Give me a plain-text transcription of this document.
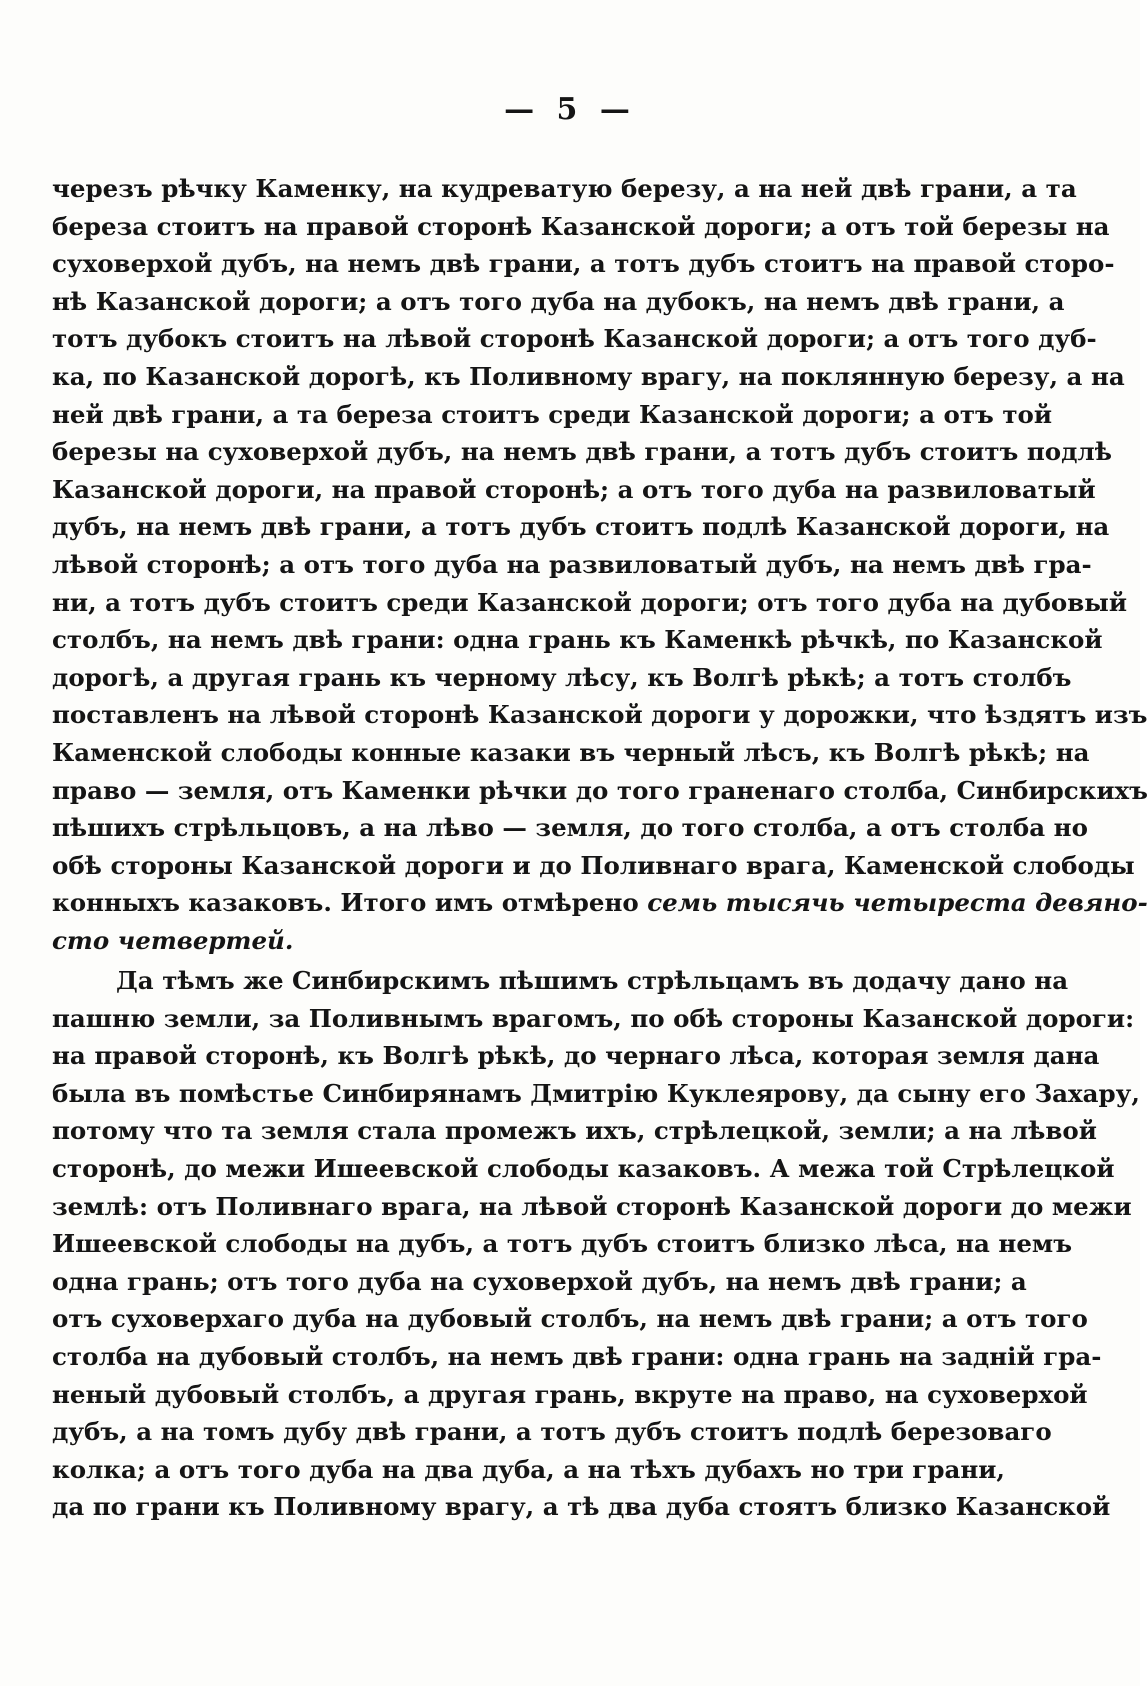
— 5 —
черезъ рѣчку Каменку, на кудреватую березу, а на ней двѣ грани, а та
береза стоитъ на правой сторонѣ Казанской дороги; а отъ той березы на
суховерхой дубъ, на немъ двѣ грани, а тотъ дубъ стоитъ на правой сторо-
нѣ Казанской дороги; а отъ того дуба на дубокъ, на немъ двѣ грани, а
тотъ дубокъ стоитъ на лѣвой сторонѣ Казанской дороги; а отъ того дуб-
ка, по Казанской дорогѣ, къ Поливному врагу, на поклянную березу, а на
ней двѣ грани, а та береза стоитъ среди Казанской дороги; а отъ той
березы на суховерхой дубъ, на немъ двѣ грани, а тотъ дубъ стоитъ подлѣ
Казанской дороги, на правой сторонѣ; а отъ того дуба на развиловатый
дубъ, на немъ двѣ грани, а тотъ дубъ стоитъ подлѣ Казанской дороги, на
лѣвой сторонѣ; а отъ того дуба на развиловатый дубъ, на немъ двѣ гра-
ни, а тотъ дубъ стоитъ среди Казанской дороги; отъ того дуба на дубовый
столбъ, на немъ двѣ грани: одна грань къ Каменкѣ рѣчкѣ, по Казанской
дорогѣ, а другая грань къ черному лѣсу, къ Волгѣ рѣкѣ; а тотъ столбъ
поставленъ на лѣвой сторонѣ Казанской дороги у дорожки, что ѣздятъ изъ
Каменской слободы конные казаки въ черный лѣсъ, къ Волгѣ рѣкѣ; на
право — земля, отъ Каменки рѣчки до того граненаго столба, Синбирскихъ
пѣшихъ стрѣльцовъ, а на лѣво — земля, до того столба, а отъ столба но
обѣ стороны Казанской дороги и до Поливнаго врага, Каменской слободы
конныхъ казаковъ. Итого имъ отмѣрено семь тысячь четыреста девяно-
сто четвертей.
Да тѣмъ же Синбирскимъ пѣшимъ стрѣльцамъ въ додачу дано на
пашню земли, за Поливнымъ врагомъ, по обѣ стороны Казанской дороги:
на правой сторонѣ, къ Волгѣ рѣкѣ, до чернаго лѣса, которая земля дана
была въ помѣстье Синбирянамъ Дмитрію Куклеярову, да сыну его Захару,
потому что та земля стала промежъ ихъ, стрѣлецкой, земли; а на лѣвой
сторонѣ, до межи Ишеевской слободы казаковъ. А межа той Стрѣлецкой
землѣ: отъ Поливнаго врага, на лѣвой сторонѣ Казанской дороги до межи
Ишеевской слободы на дубъ, а тотъ дубъ стоитъ близко лѣса, на немъ
одна грань; отъ того дуба на суховерхой дубъ, на немъ двѣ грани; а
отъ суховерхаго дуба на дубовый столбъ, на немъ двѣ грани; а отъ того
столба на дубовый столбъ, на немъ двѣ грани: одна грань на задній гра-
неный дубовый столбъ, а другая грань, вкруте на право, на суховерхой
дубъ, а на томъ дубу двѣ грани, а тотъ дубъ стоитъ подлѣ березоваго
колка; а отъ того дуба на два дуба, а на тѣхъ дубахъ но три грани,
да по грани къ Поливному врагу, а тѣ два дуба стоятъ близко Казанской
